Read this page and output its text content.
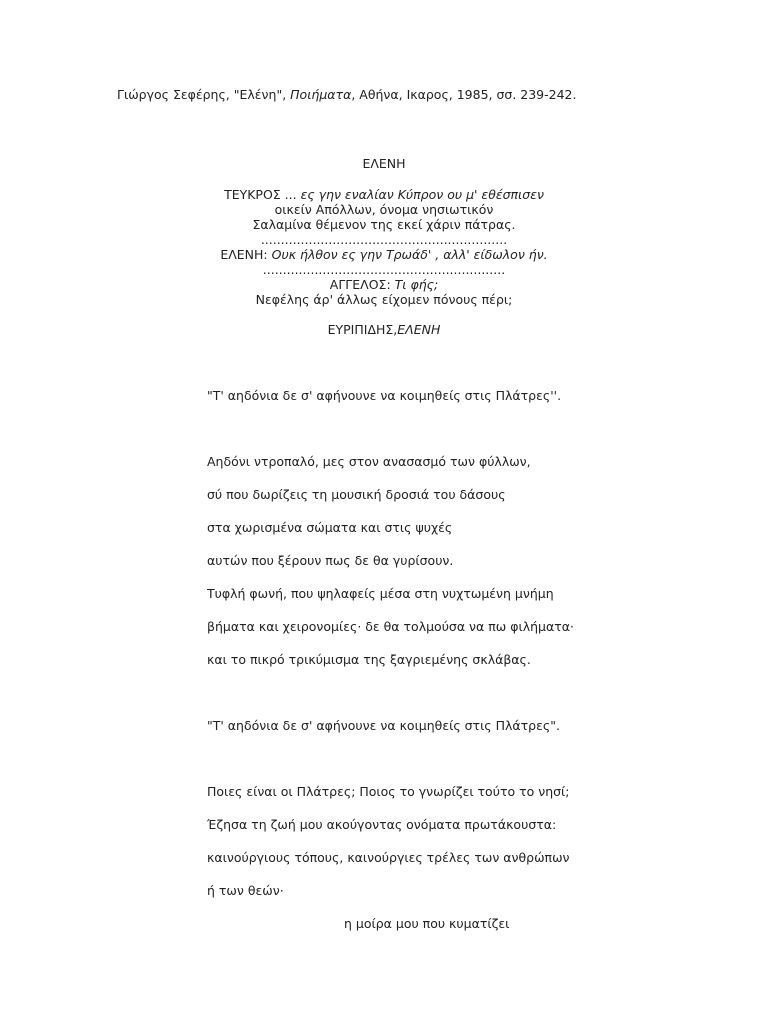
Γιώργος Σεφέρης, "Ελένη", Ποιήματα, Αθήνα, Ικαρος, 1985, σσ. 239-242.
ΕΛΕΝΗ
ΤΕΥΚΡΟΣ ... ες γην εναλίαν Κύπρον ου μ' εθέσπισεν
οικείν Απόλλων, όνομα νησιωτικόν
Σαλαμίνα θέμενον της εκεί χάριν πάτρας.
..............................................................
ΕΛΕΝΗ: Ουκ ήλθον ες γην Τρωάδ' , αλλ' είδωλον ήν.
.............................................................
ΑΓΓΕΛΟΣ: Τι φής;
Νεφέλης άρ' άλλως είχομεν πόνους πέρι;
ΕΥΡΙΠΙΔΗΣ,ΕΛΕΝΗ
"Τ' αηδόνια δε σ' αφήνουνε να κοιμηθείς στις Πλάτρες''.
Αηδόνι ντροπαλό, μες στον ανασασμό των φύλλων,
σύ που δωρίζεις τη μουσική δροσιά του δάσους
στα χωρισμένα σώματα και στις ψυχές
αυτών που ξέρουν πως δε θα γυρίσουν.
Τυφλή φωνή, που ψηλαφείς μέσα στη νυχτωμένη μνήμη
βήματα και χειρονομίες· δε θα τολμούσα να πω φιλήματα·
και το πικρό τρικύμισμα της ξαγριεμένης σκλάβας.
"Τ' αηδόνια δε σ' αφήνουνε να κοιμηθείς στις Πλάτρες".
Ποιες είναι οι Πλάτρες; Ποιος το γνωρίζει τούτο το νησί;
Έζησα τη ζωή μου ακούγοντας ονόματα πρωτάκουστα:
καινούργιους τόπους, καινούργιες τρέλες των ανθρώπων
ή των θεών·
η μοίρα μου που κυματίζει
